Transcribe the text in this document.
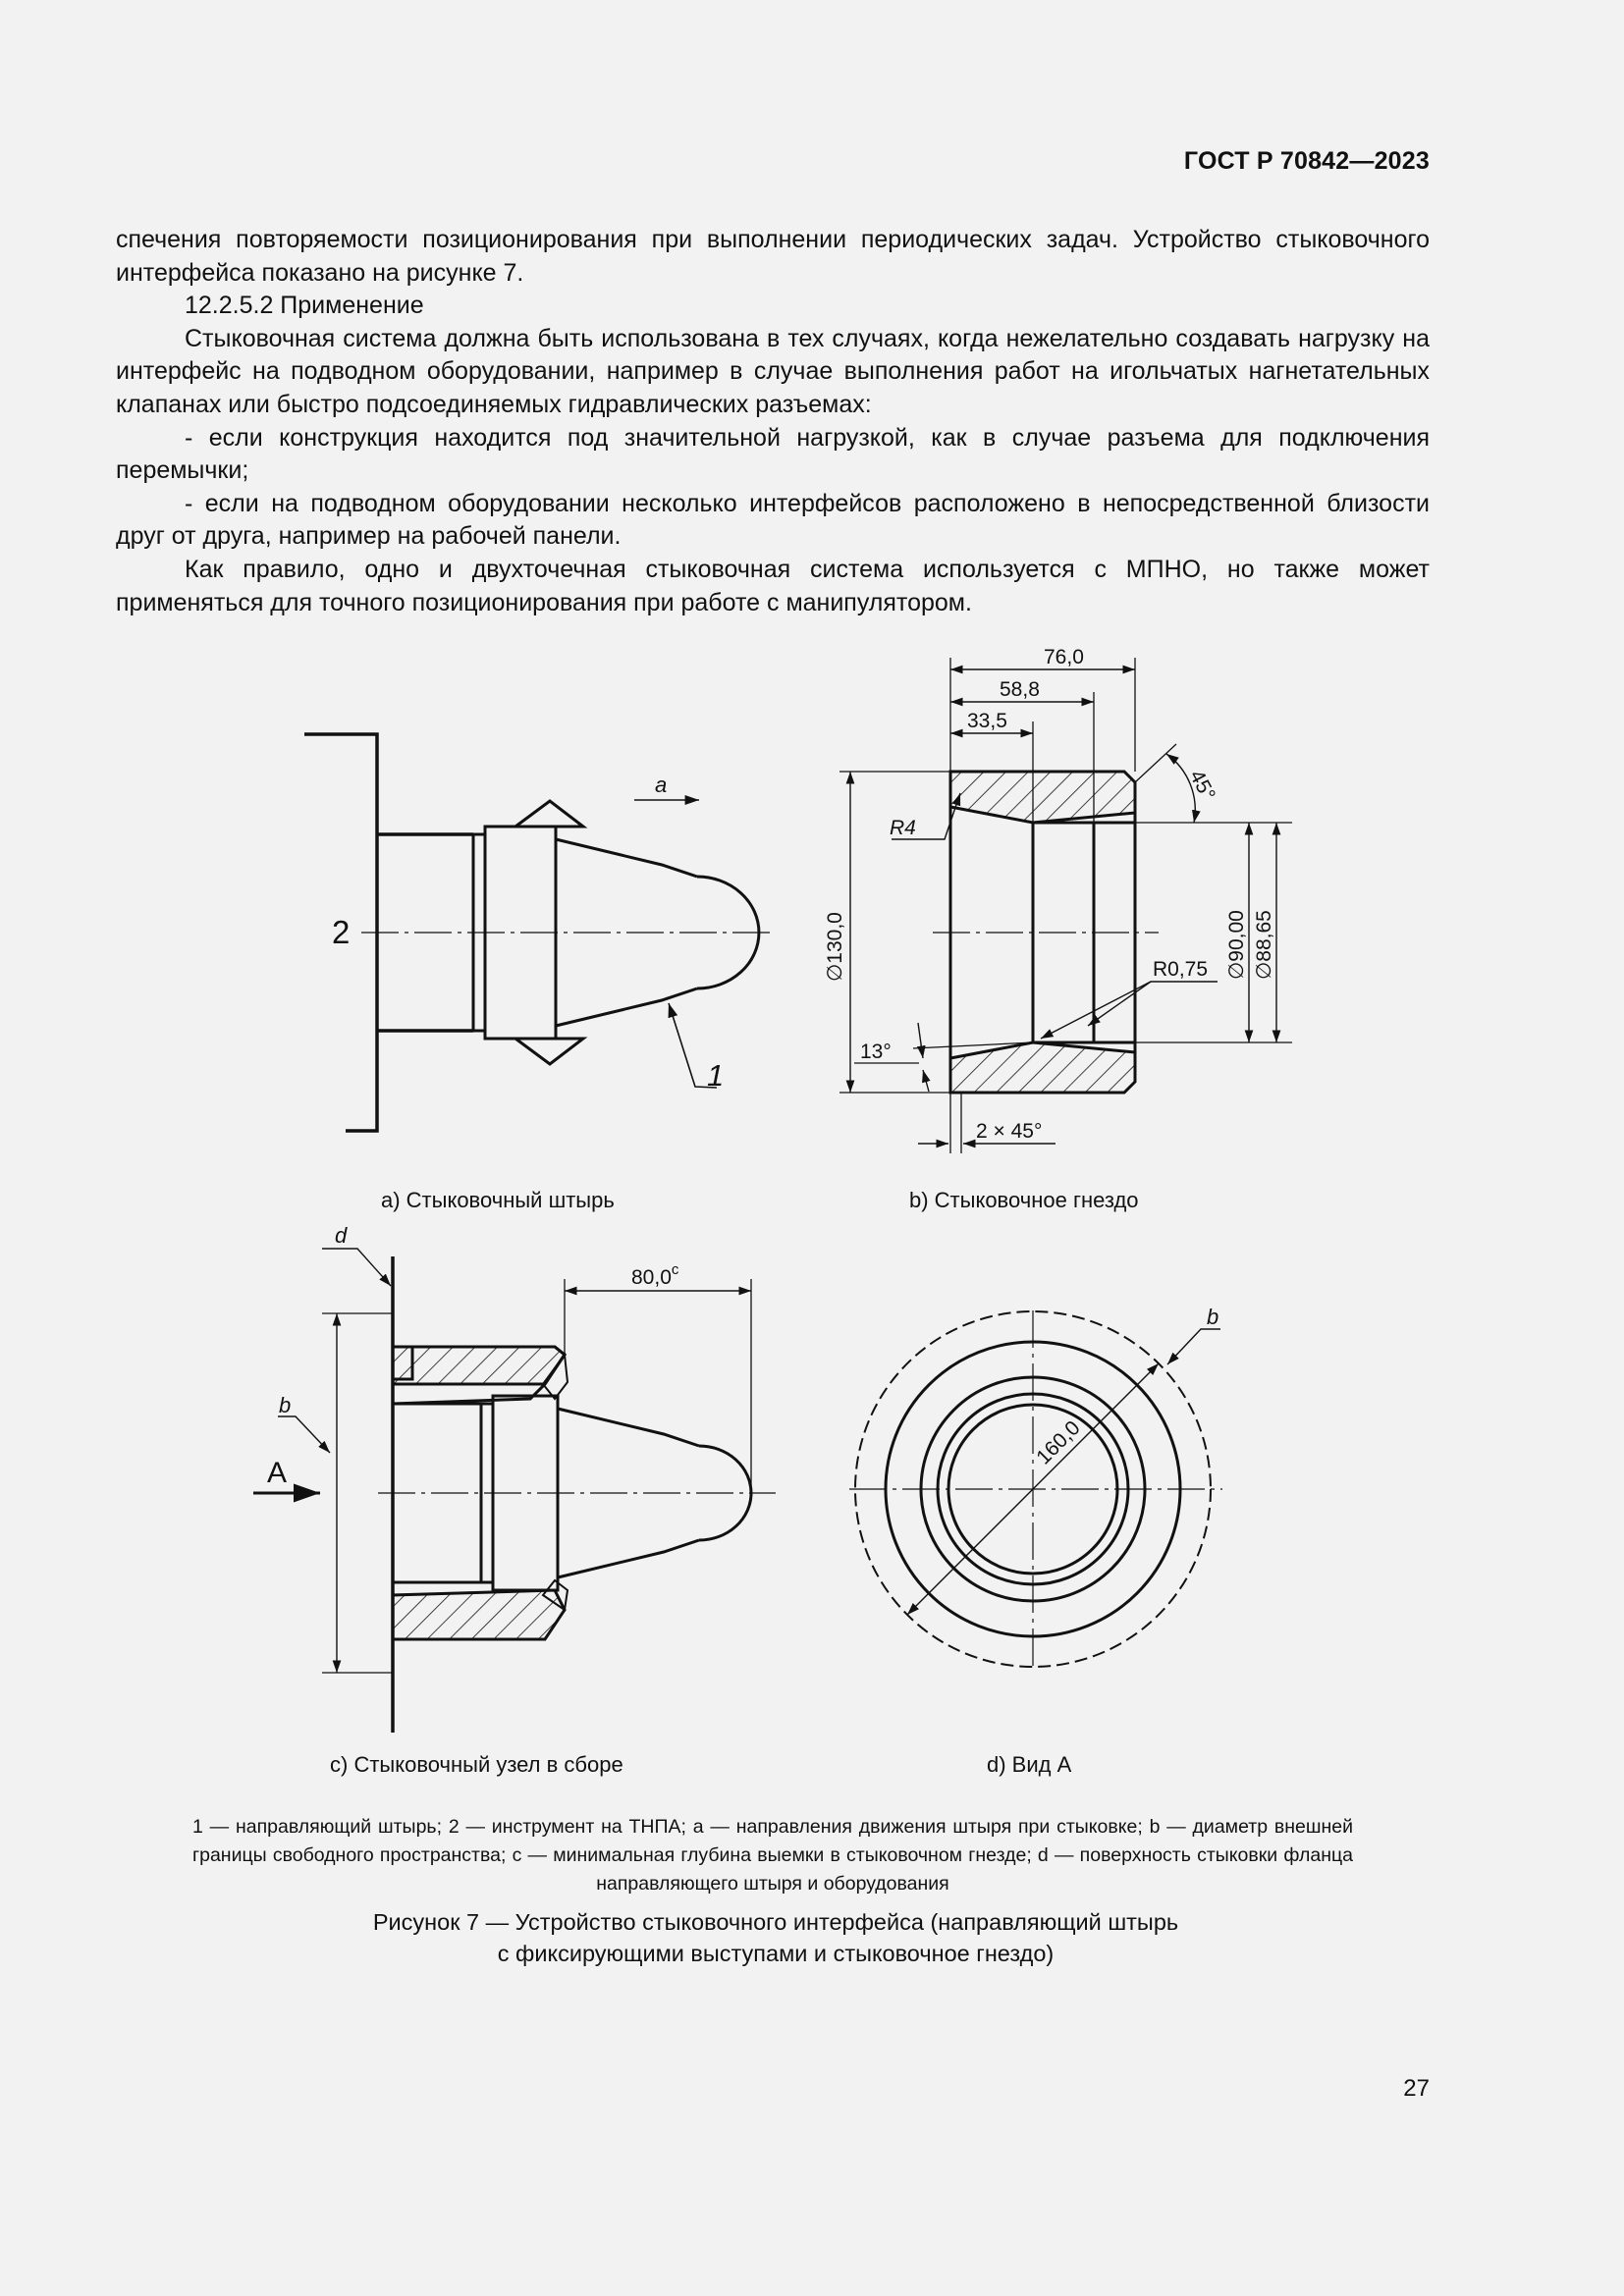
ГОСТ Р 70842—2023

спечения повторяемости позиционирования при выполнении периодических задач. Устройство стыковочного интерфейса показано на рисунке 7.

12.2.5.2 Применение

Стыковочная система должна быть использована в тех случаях, когда нежелательно создавать нагрузку на интерфейс на подводном оборудовании, например в случае выполнения работ на игольчатых нагнетательных клапанах или быстро подсоединяемых гидравлических разъемах:

- если конструкция находится под значительной нагрузкой, как в случае разъема для подключения перемычки;

- если на подводном оборудовании несколько интерфейсов расположено в непосредственной близости друг от друга, например на рабочей панели.

Как правило, одно и двухточечная стыковочная система используется с МПНО, но также может применяться для точного позиционирования при работе с манипулятором.

2
1
a
76,0
58,8
33,5
45°
R4
∅130,0	∅90,00 ∅88,65
R0,75
13°
2 × 45°
d
80,0$^c$
b
A
160,0
b
а) Стыковочный штырь	b) Стыковочное гнездо
с) Стыковочный узел в сборе	d) Вид А

1 — направляющий штырь; 2 — инструмент на ТНПА; a — направления движения штыря при стыковке; b — диаметр внешней границы свободного пространства; c — минимальная глубина выемки в стыковочном гнезде; d — поверхность стыковки фланца направляющего штыря и оборудования

Рисунок 7 — Устройство стыковочного интерфейса (направляющий штырь
с фиксирующими выступами и стыковочное гнездо)
27
